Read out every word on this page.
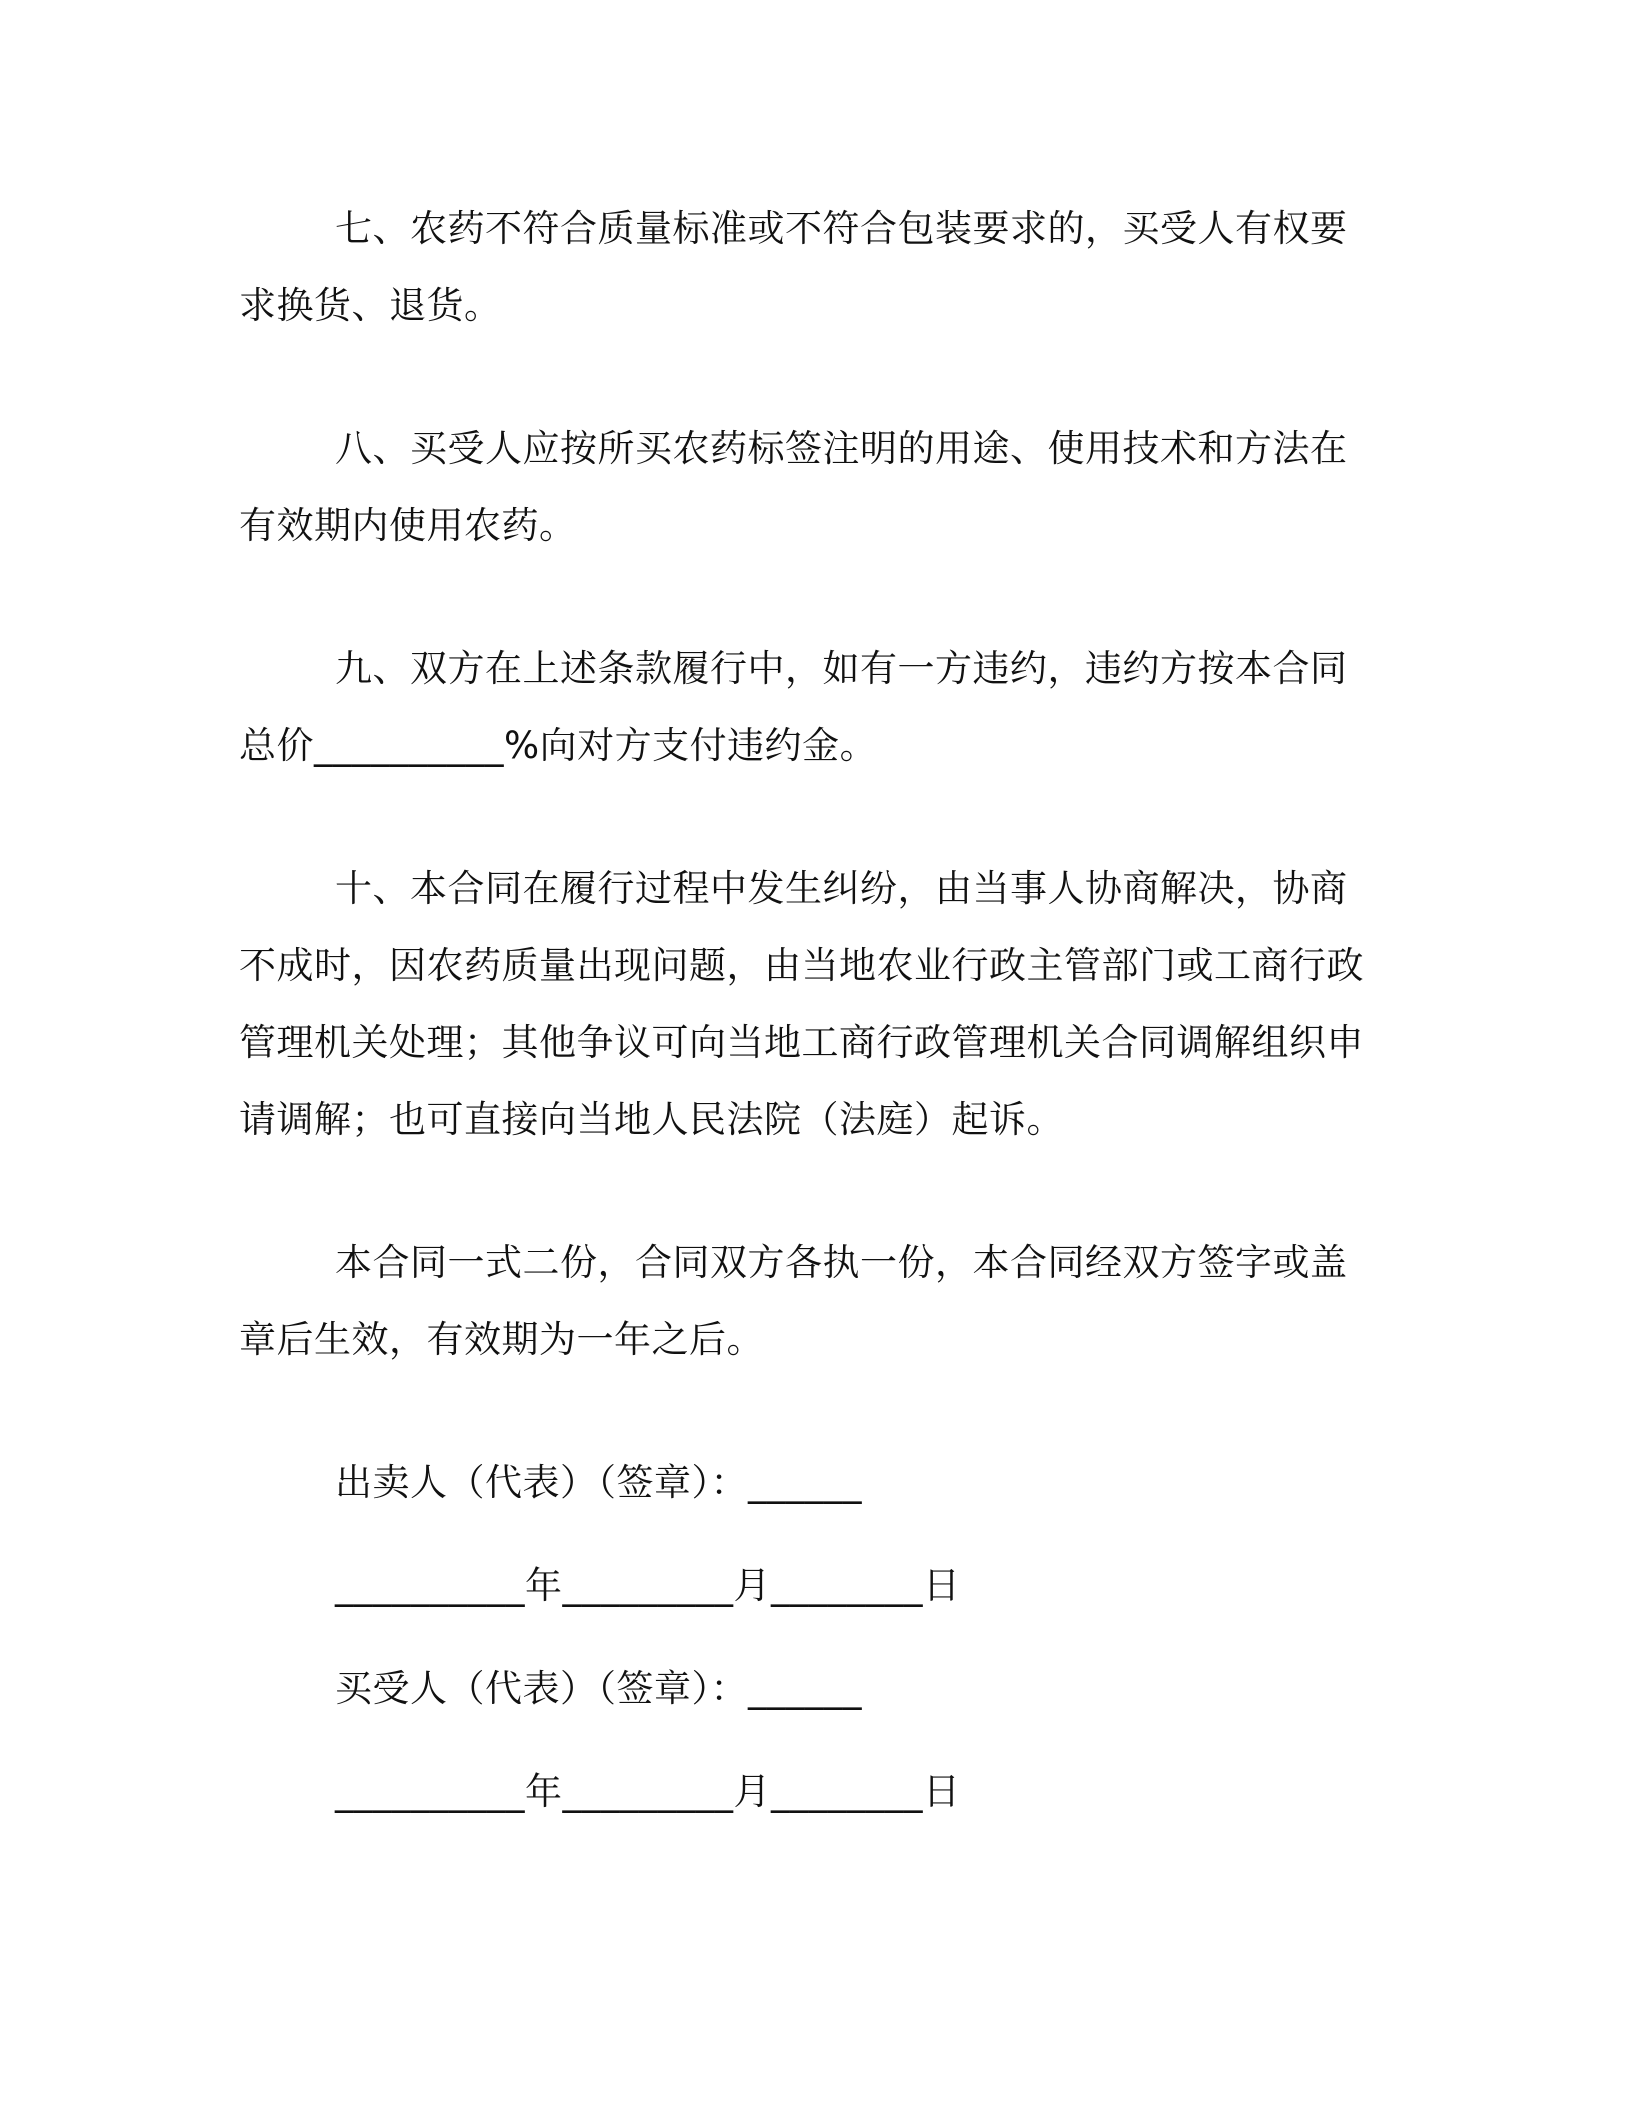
七、农药不符合质量标准或不符合包装要求的，买受人有权要求换货、退货。

八、买受人应按所买农药标签注明的用途、使用技术和方法在有效期内使用农药。

九、双方在上述条款履行中，如有一方违约，违约方按本合同总价__________%向对方支付违约金。

十、本合同在履行过程中发生纠纷，由当事人协商解决，协商不成时，因农药质量出现问题，由当地农业行政主管部门或工商行政管理机关处理；其他争议可向当地工商行政管理机关合同调解组织申请调解；也可直接向当地人民法院（法庭）起诉。

本合同一式二份，合同双方各执一份，本合同经双方签字或盖章后生效，有效期为一年之后。

出卖人（代表）（签章）：______

__________年_________月________日

买受人（代表）（签章）：______

__________年_________月________日
